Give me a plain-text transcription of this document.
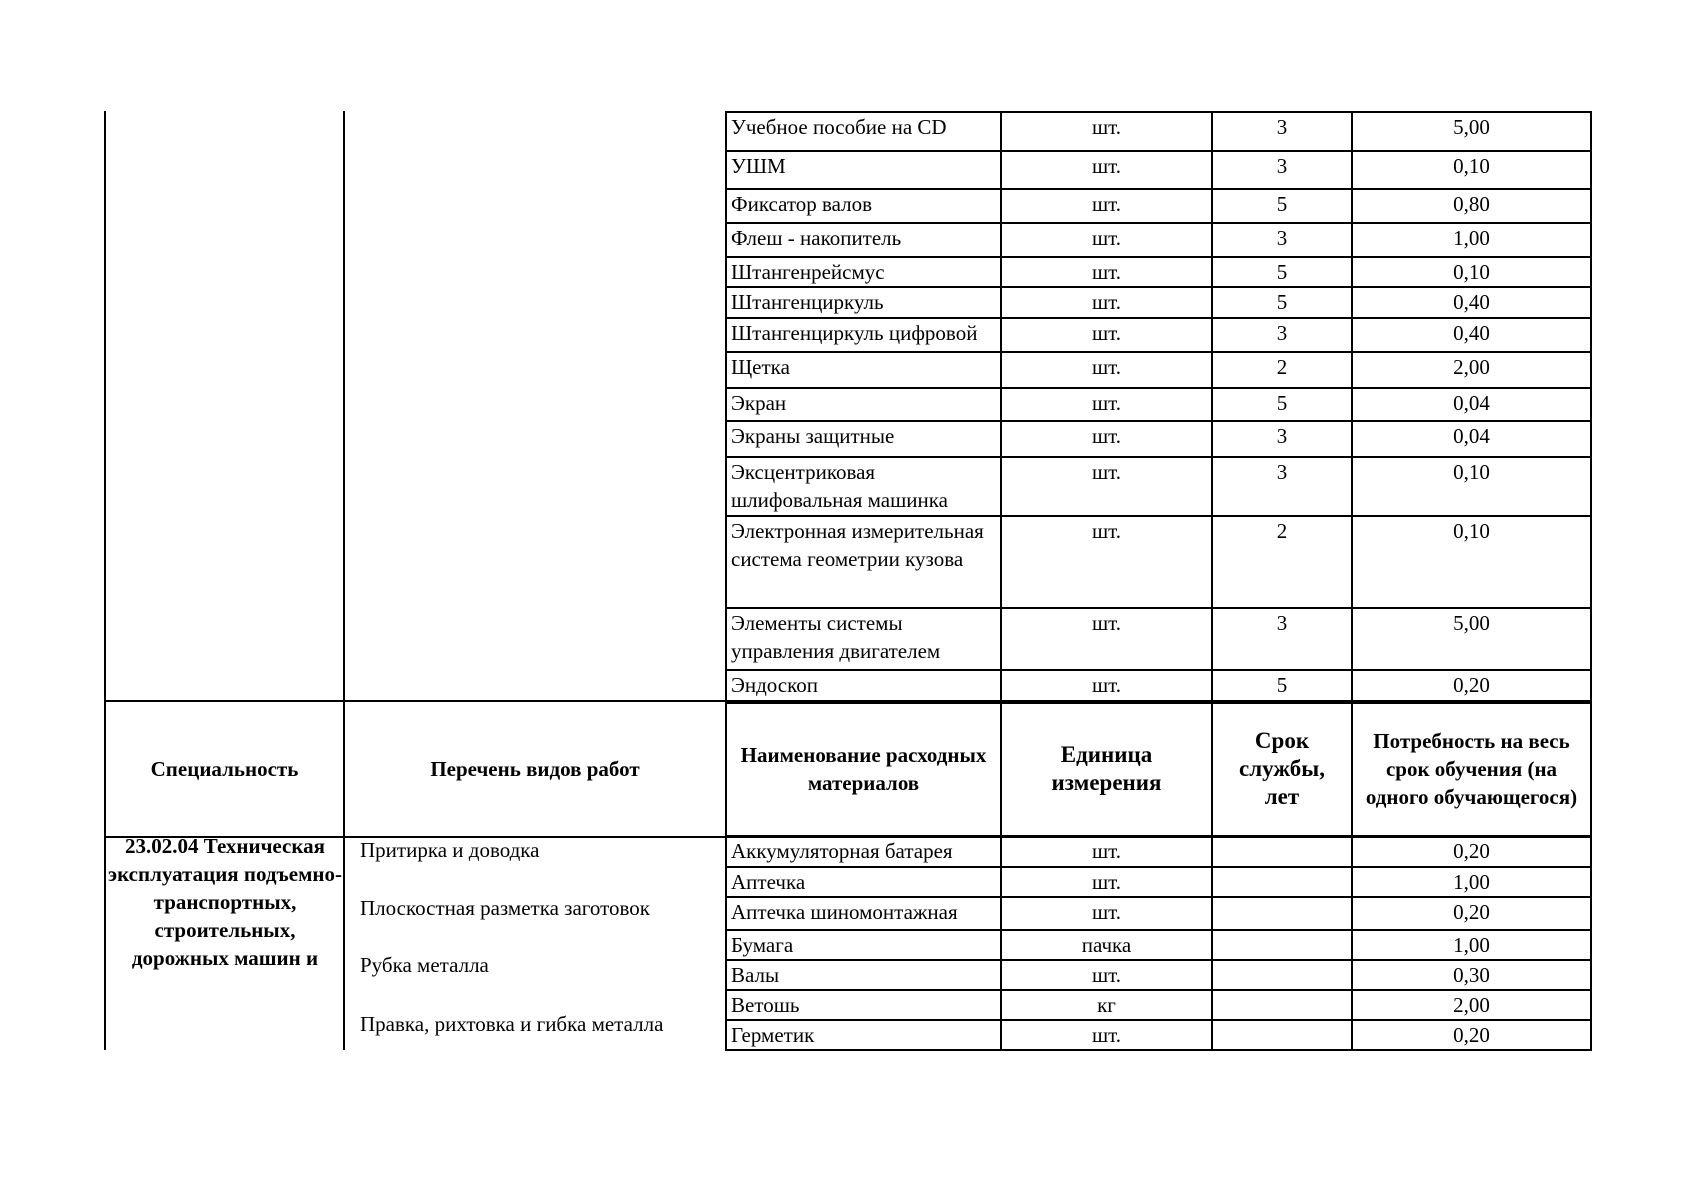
Учебное пособие на CD	шт.	3	5,00
УШМ	шт.	3	0,10
Фиксатор валов	шт.	5	0,80
Флеш - накопитель	шт.	3	1,00
Штангенрейсмус	шт.	5	0,10
Штангенциркуль	шт.	5	0,40
Штангенциркуль цифровой	шт.	3	0,40
Щетка	шт.	2	2,00
Экран	шт.	5	0,04
Экраны защитные	шт.	3	0,04
Эксцентриковая шлифовальная машинка	шт.	3	0,10
Электронная измерительная система геометрии кузова	шт.	2	0,10
Элементы системы управления двигателем	шт.	3	5,00
Эндоскоп	шт.	5	0,20
Специальность	Перечень видов работ	Наименование расходных материалов	Единица измерения	Срок службы, лет	Потребность на весь срок обучения (на одного обучающегося)
23.02.04 Техническая эксплуатация подъемно-транспортных, строительных, дорожных машин и
Притирка и доводка
Плоскостная разметка заготовок
Рубка металла
Правка, рихтовка и гибка металла
Аккумуляторная батарея	шт.		0,20
Аптечка	шт.		1,00
Аптечка шиномонтажная	шт.		0,20
Бумага	пачка		1,00
Валы	шт.		0,30
Ветошь	кг		2,00
Герметик	шт.		0,20
